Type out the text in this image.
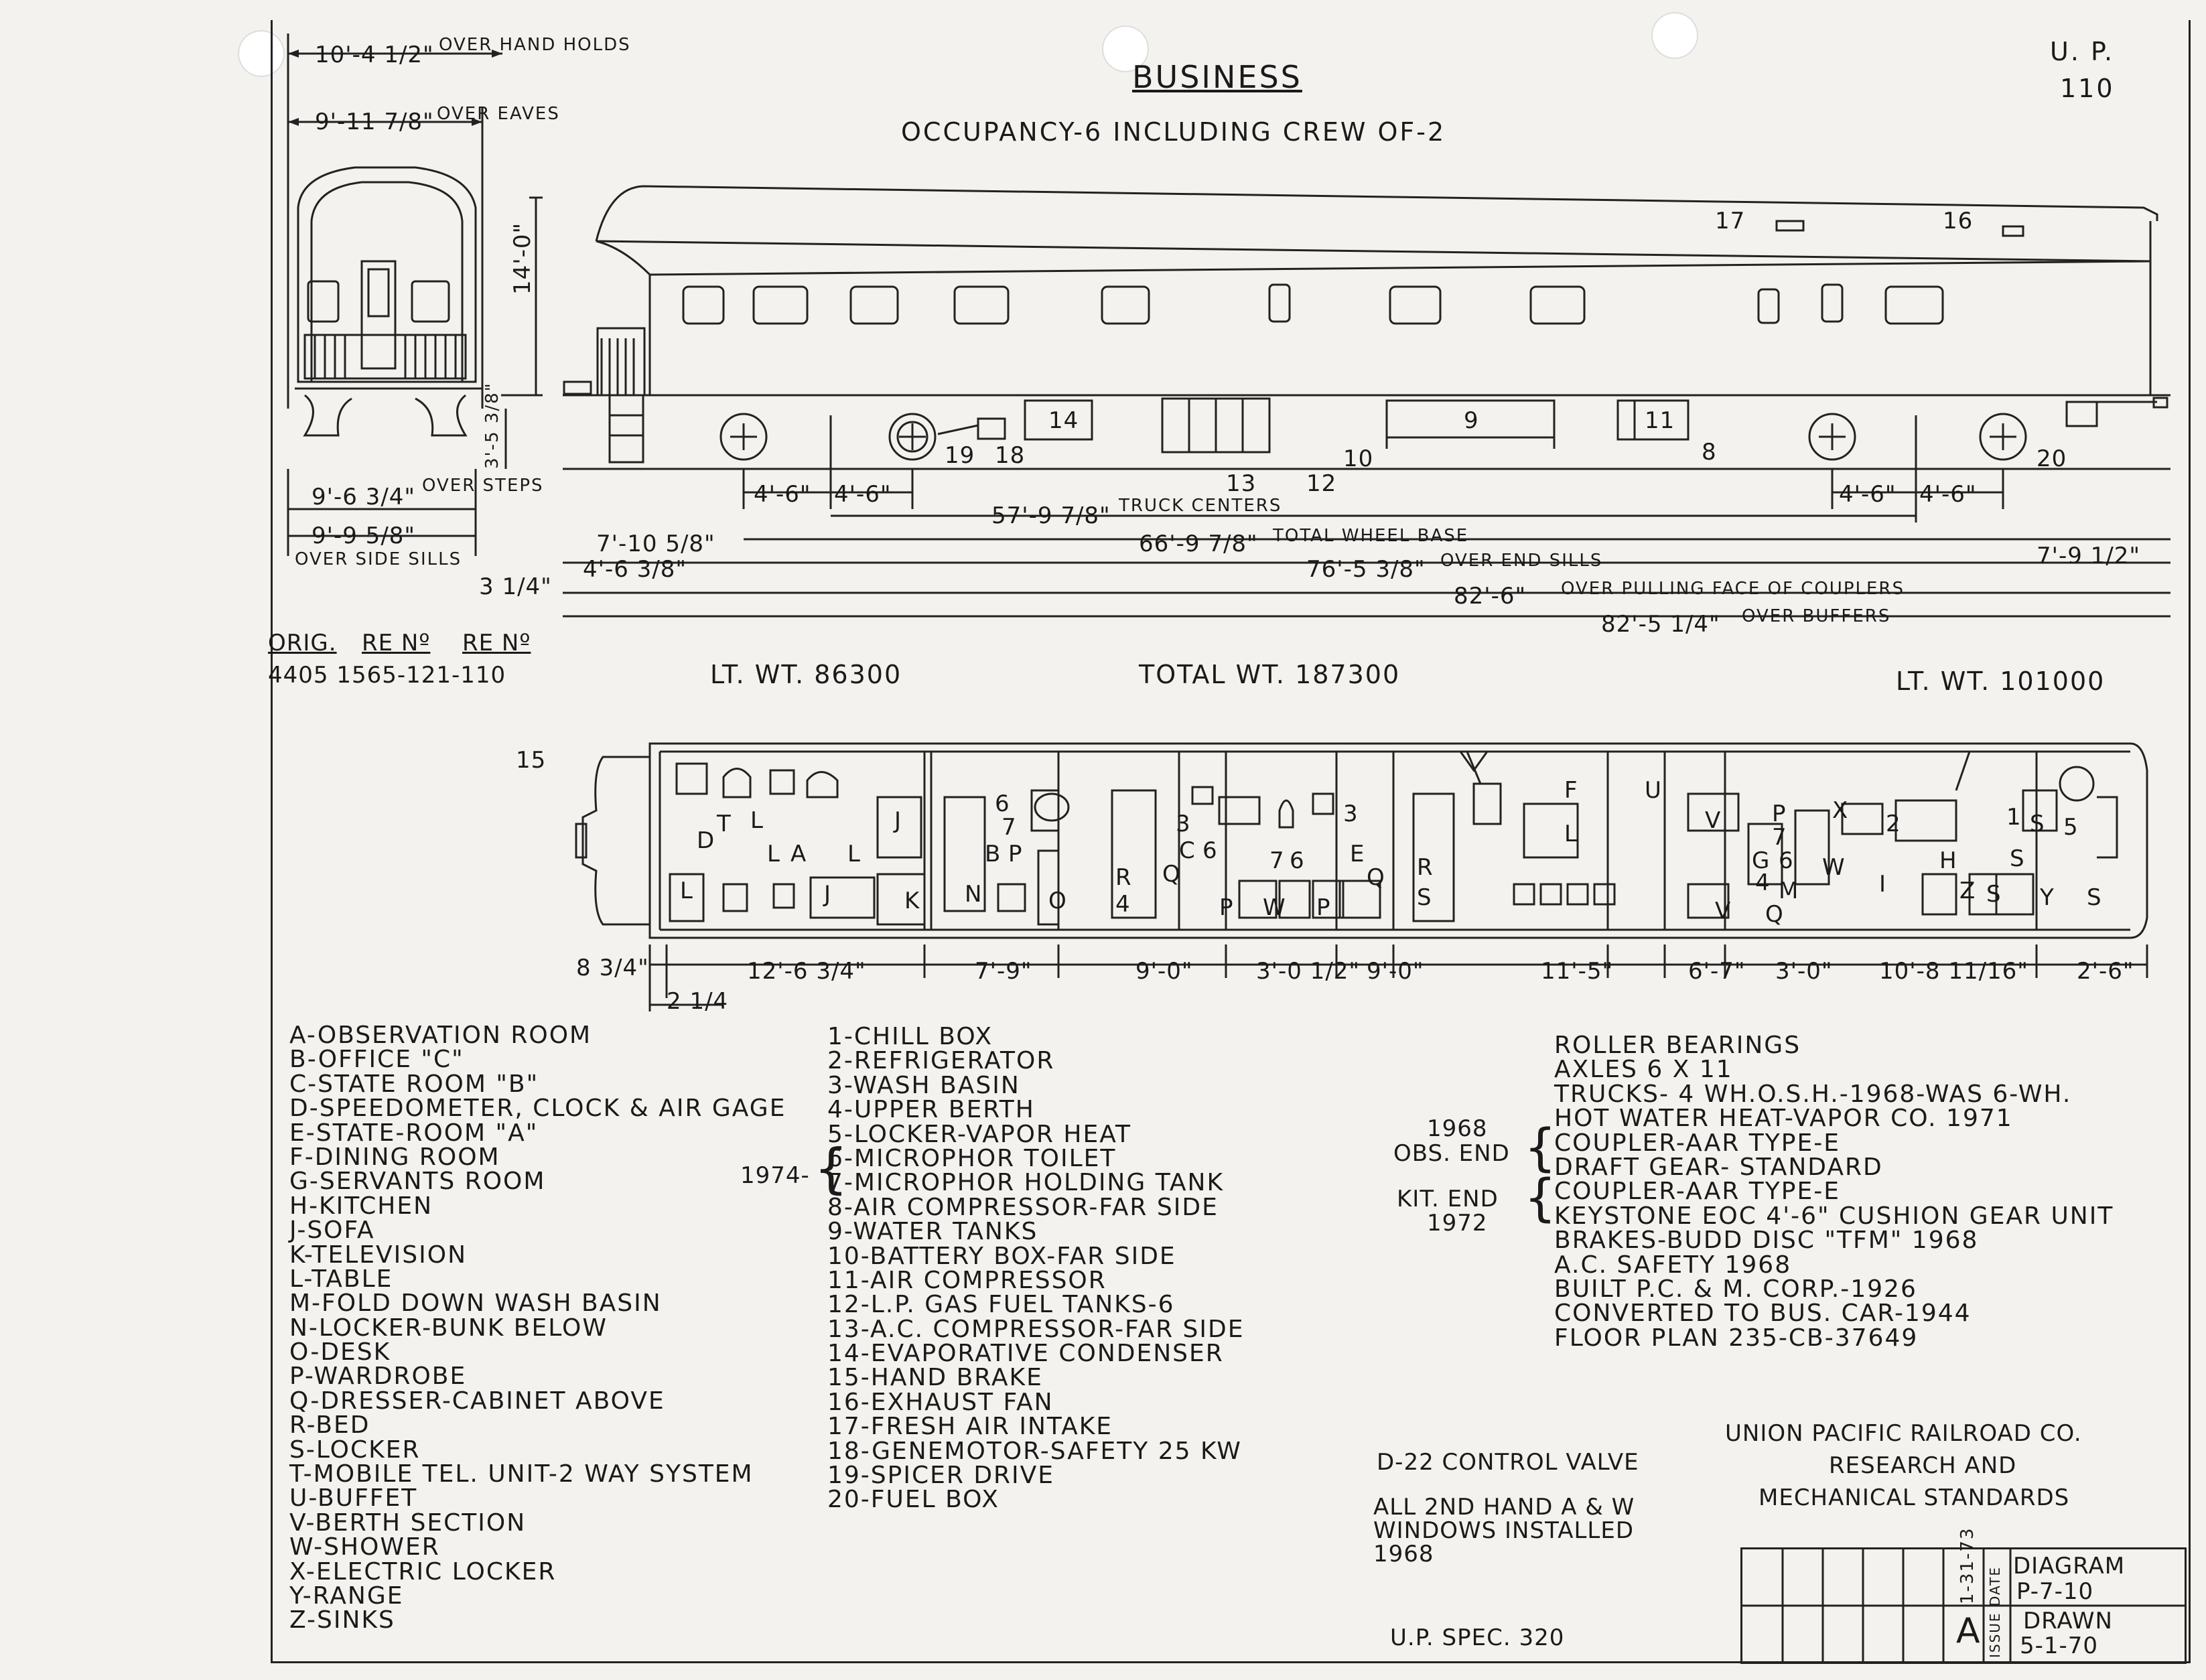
BUSINESS
OCCUPANCY-6 INCLUDING CREW OF-2
U. P.
110
10'-4 1/2" OVER HAND HOLDS
9'-11 7/8" OVER EAVES
14'-0"
3'-5 3/8"
9'-6 3/4" OVER STEPS
9'-9 5/8"
OVER SIDE SILLS
17	16
14	9	11
19 18	10	8
13 12
20
4'-6" 4'-6"	4'-6" 4'-6"
57'-9 7/8" TRUCK CENTERS
66'-9 7/8" TOTAL WHEEL BASE
76'-5 3/8" OVER END SILLS
82'-6" OVER PULLING FACE OF COUPLERS
82'-5 1/4" OVER BUFFERS
7'-10 5/8"
4'-6 3/8"
3 1/4"
7'-9 1/2"
ORIG. RE Nº RE Nº
4405 1565-121-110	LT. WT. 86300	TOTAL WT. 187300	LT. WT. 101000
15
T L
D
L
A
L
J
L
J
K N
6
7
B P
O
R
4
C 6
3
7 6
3
Q
P W P
E
Q R
S
F
L
U
V P
7
X 2	1 S 5
G 6
4 M
W
I
H S
Z S Y S
V Q
8 3/4"	12'-6 3/4"	7'-9"	9'-0"	3'-0 1/2" 9'-0"	11'-5"	6'-7" 3'-0" 10'-8 11/16" 2'-6"
2 1/4
A-OBSERVATION ROOM
B-OFFICE "C"
C-STATE ROOM "B"
D-SPEEDOMETER, CLOCK & AIR GAGE
E-STATE-ROOM "A"
F-DINING ROOM
G-SERVANTS ROOM
H-KITCHEN
J-SOFA
K-TELEVISION
L-TABLE
M-FOLD DOWN WASH BASIN
N-LOCKER-BUNK BELOW
O-DESK
P-WARDROBE
Q-DRESSER-CABINET ABOVE
R-BED
S-LOCKER
T-MOBILE TEL. UNIT-2 WAY SYSTEM
U-BUFFET
V-BERTH SECTION
W-SHOWER
X-ELECTRIC LOCKER
Y-RANGE
Z-SINKS
1-CHILL BOX
2-REFRIGERATOR
3-WASH BASIN
4-UPPER BERTH
5-LOCKER-VAPOR HEAT
6-MICROPHOR TOILET
7-MICROPHOR HOLDING TANK
8-AIR COMPRESSOR-FAR SIDE
9-WATER TANKS
10-BATTERY BOX-FAR SIDE
11-AIR COMPRESSOR
12-L.P. GAS FUEL TANKS-6
13-A.C. COMPRESSOR-FAR SIDE
14-EVAPORATIVE CONDENSER
15-HAND BRAKE
16-EXHAUST FAN
17-FRESH AIR INTAKE
18-GENEMOTOR-SAFETY 25 KW
19-SPICER DRIVE
20-FUEL BOX
1974- {
ROLLER BEARINGS
AXLES 6 X 11
TRUCKS- 4 WH.O.S.H.-1968-WAS 6-WH.
HOT WATER HEAT-VAPOR CO. 1971
COUPLER-AAR TYPE-E
DRAFT GEAR- STANDARD
COUPLER-AAR TYPE-E
KEYSTONE EOC 4'-6" CUSHION GEAR UNIT
BRAKES-BUDD DISC "TFM" 1968
A.C. SAFETY 1968
BUILT P.C. & M. CORP.-1926
CONVERTED TO BUS. CAR-1944
FLOOR PLAN 235-CB-37649
1968
OBS. END {
KIT. END
1972 {
D-22 CONTROL VALVE
ALL 2ND HAND A & W
WINDOWS INSTALLED
1968
U.P. SPEC. 320
UNION PACIFIC RAILROAD CO.
RESEARCH AND
MECHANICAL STANDARDS
1-31-73
A ISSUE DATE
DIAGRAM
P-7-10
DRAWN
5-1-70
